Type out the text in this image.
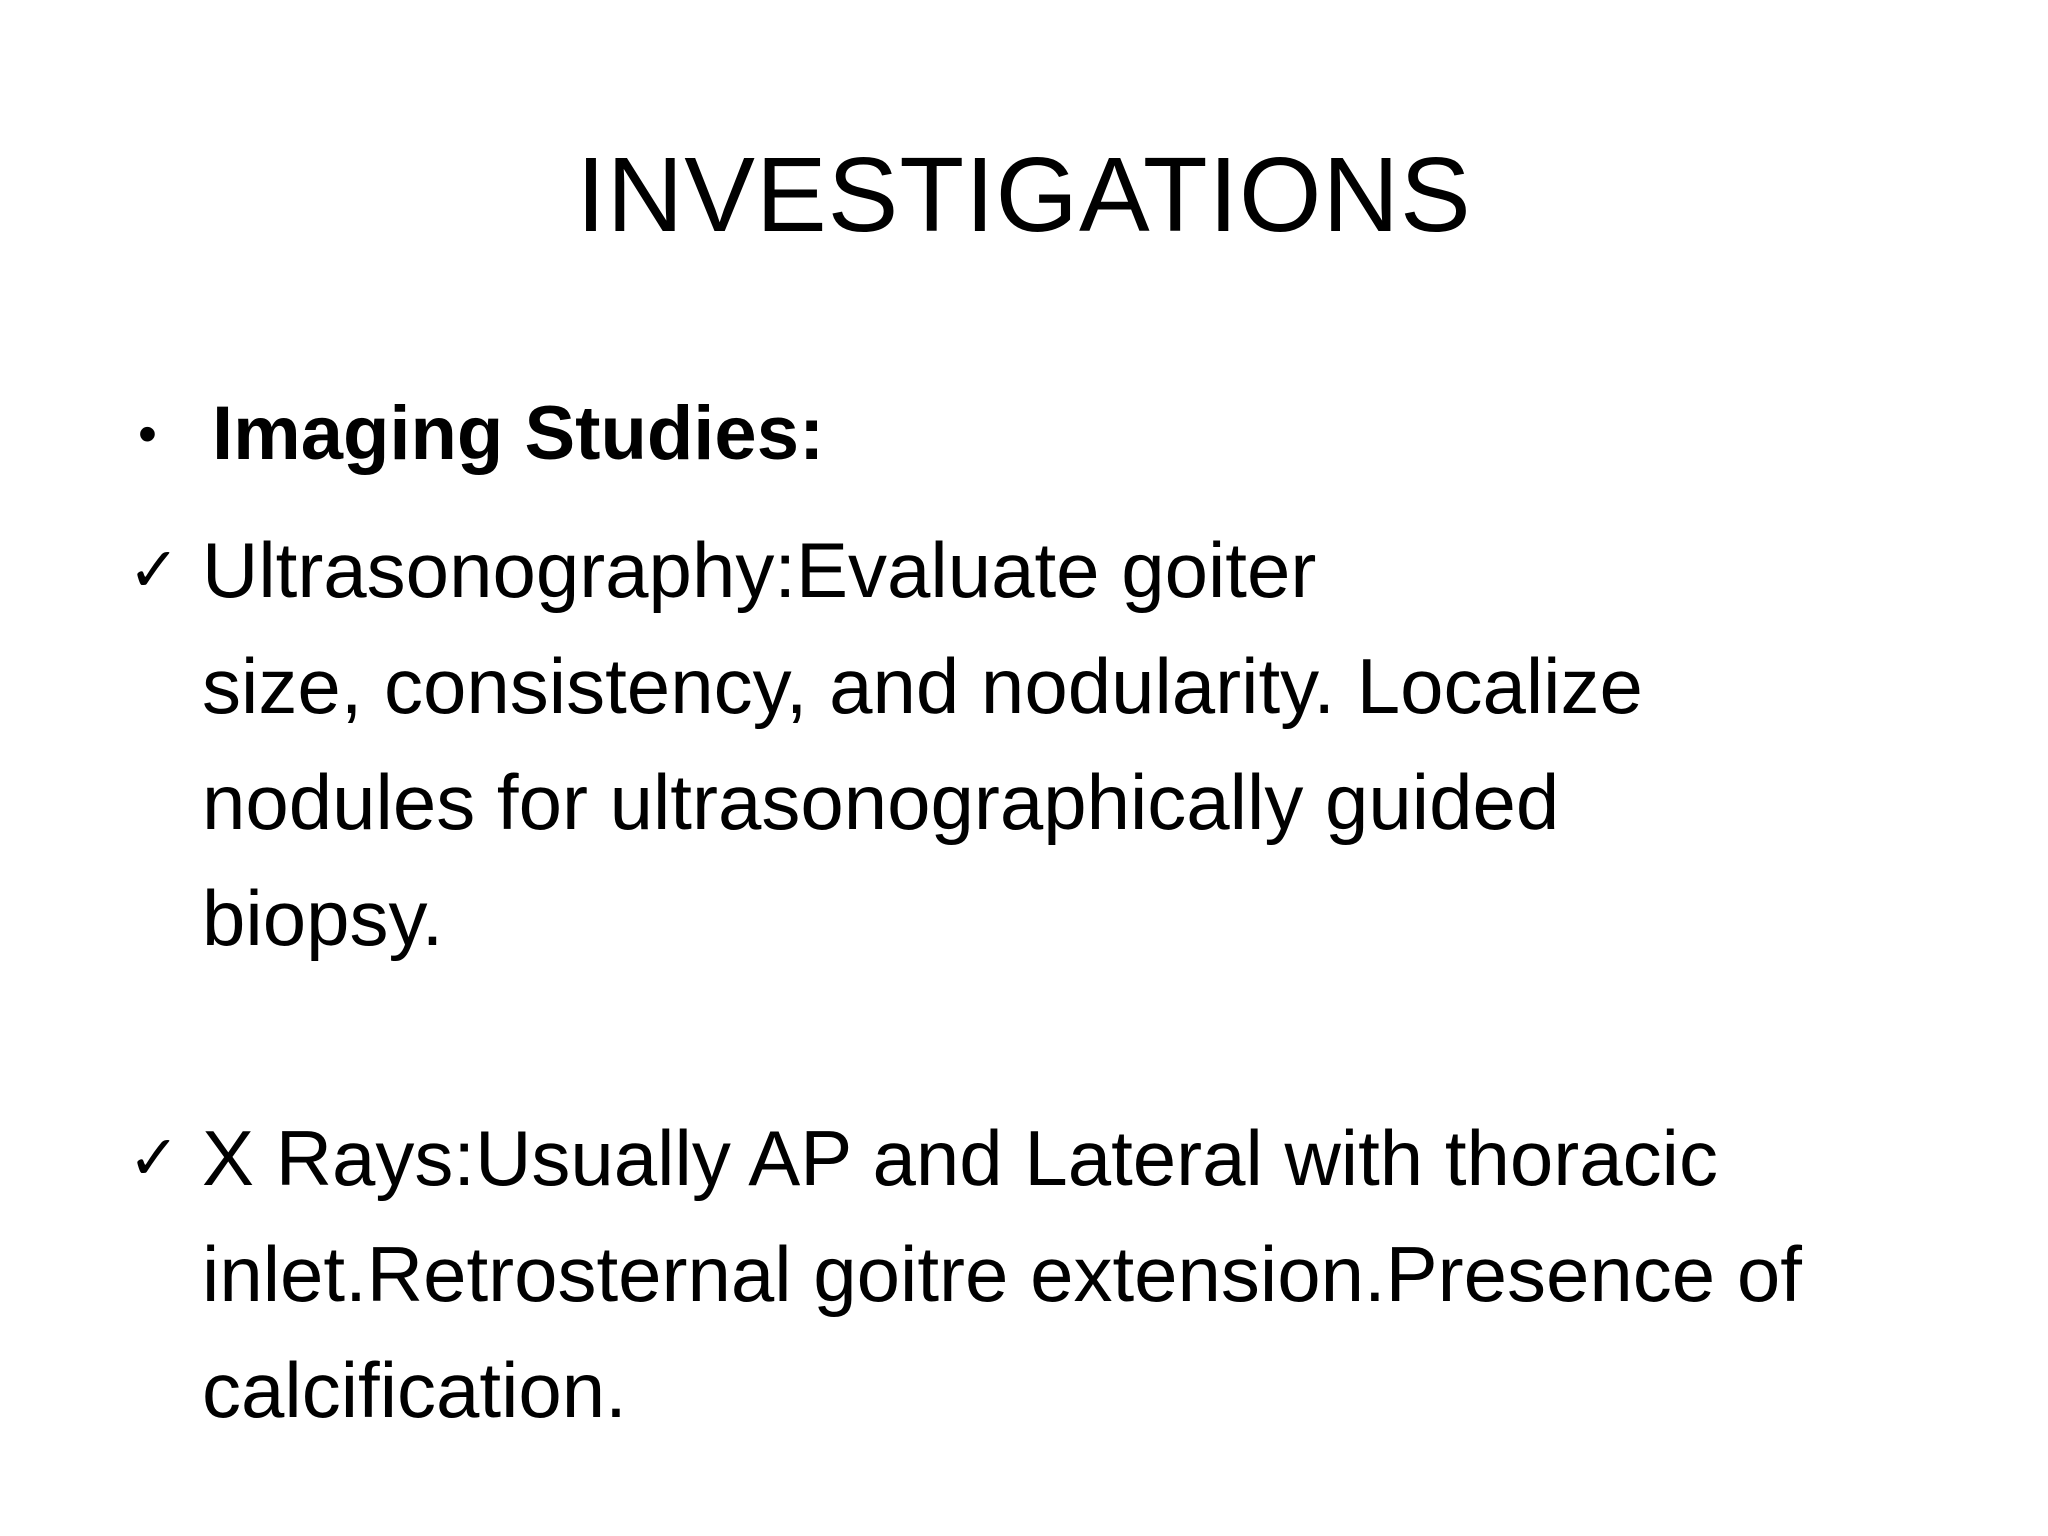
INVESTIGATIONS
• Imaging Studies:
✓ Ultrasonography:Evaluate goiter
size, consistency, and nodularity. Localize
nodules for ultrasonographically guided
biopsy.
✓ X Rays:Usually AP and Lateral with thoracic
inlet.Retrosternal goitre extension.Presence of
calcification.
